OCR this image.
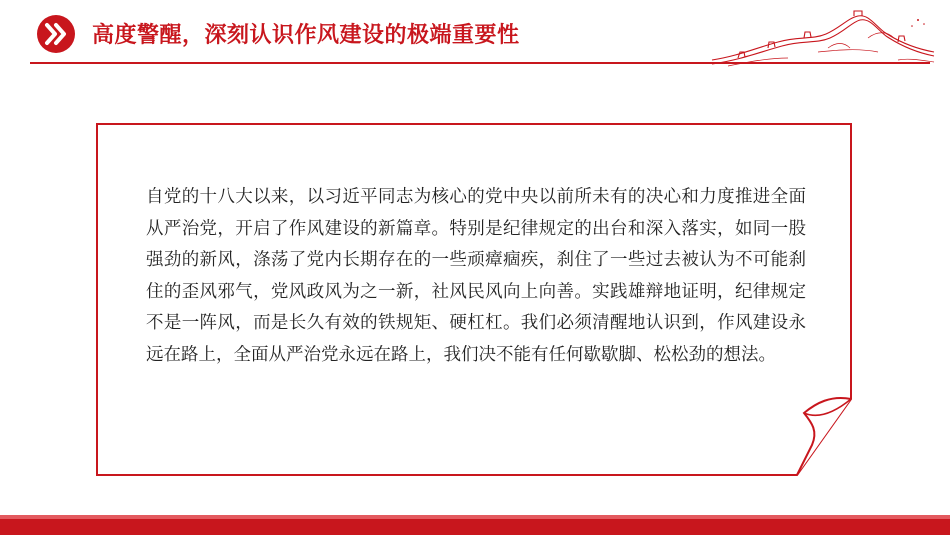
高度警醒，深刻认识作风建设的极端重要性
自党的十八大以来，以习近平同志为核心的党中央以前所未有的决心和力度推进全面从严治党，开启了作风建设的新篇章。特别是纪律规定的出台和深入落实，如同一股强劲的新风，涤荡了党内长期存在的一些顽瘴痼疾，刹住了一些过去被认为不可能刹住的歪风邪气，党风政风为之一新，社风民风向上向善。实践雄辩地证明，纪律规定不是一阵风，而是长久有效的铁规矩、硬杠杠。我们必须清醒地认识到，作风建设永远在路上，全面从严治党永远在路上，我们决不能有任何歇歇脚、松松劲的想法。
